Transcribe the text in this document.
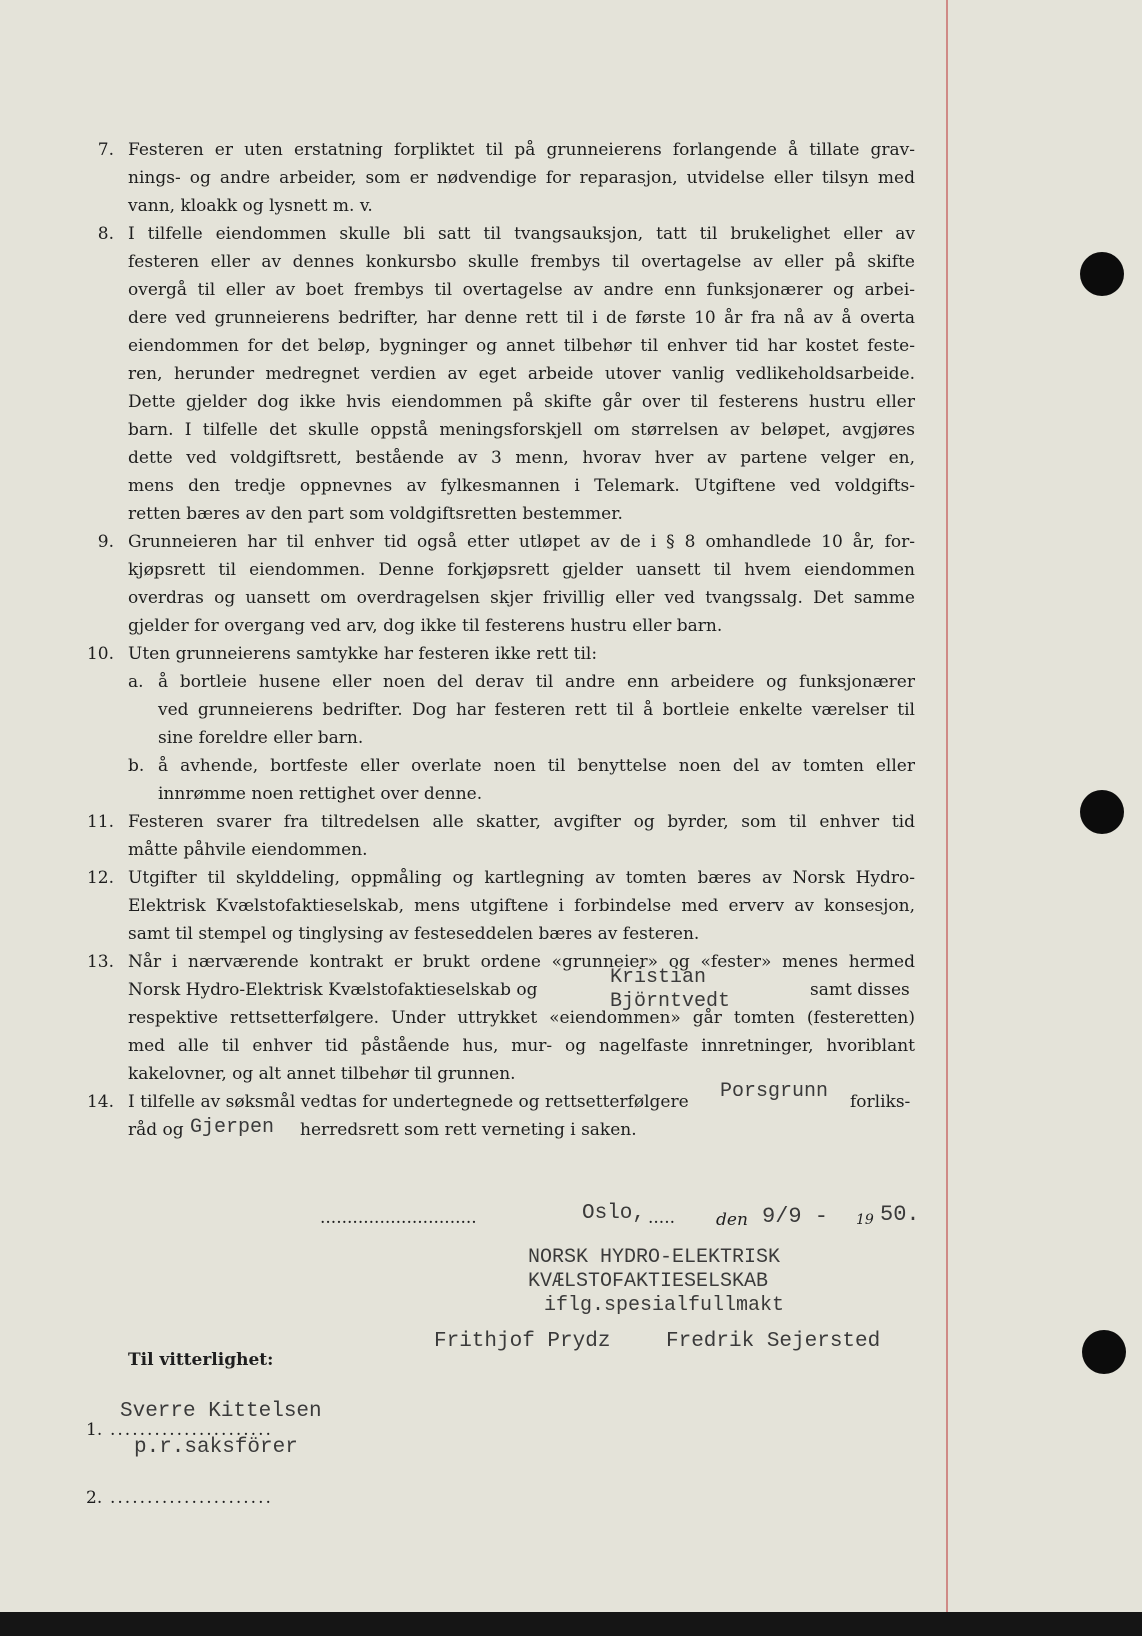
7. Festeren er uten erstatning forpliktet til på grunneierens forlangende å tillate grav-
nings- og andre arbeider, som er nødvendige for reparasjon, utvidelse eller tilsyn med
vann, kloakk og lysnett m. v.
8. I tilfelle eiendommen skulle bli satt til tvangsauksjon, tatt til brukelighet eller av
festeren eller av dennes konkursbo skulle frembys til overtagelse av eller på skifte
overgå til eller av boet frembys til overtagelse av andre enn funksjonærer og arbei-
dere ved grunneierens bedrifter, har denne rett til i de første 10 år fra nå av å overta
eiendommen for det beløp, bygninger og annet tilbehør til enhver tid har kostet feste-
ren, herunder medregnet verdien av eget arbeide utover vanlig vedlikeholdsarbeide.
Dette gjelder dog ikke hvis eiendommen på skifte går over til festerens hustru eller
barn. I tilfelle det skulle oppstå meningsforskjell om størrelsen av beløpet, avgjøres
dette ved voldgiftsrett, bestående av 3 menn, hvorav hver av partene velger en,
mens den tredje oppnevnes av fylkesmannen i Telemark. Utgiftene ved voldgifts-
retten bæres av den part som voldgiftsretten bestemmer.
9. Grunneieren har til enhver tid også etter utløpet av de i § 8 omhandlede 10 år, for-
kjøpsrett til eiendommen. Denne forkjøpsrett gjelder uansett til hvem eiendommen
overdras og uansett om overdragelsen skjer frivillig eller ved tvangssalg. Det samme
gjelder for overgang ved arv, dog ikke til festerens hustru eller barn.
10. Uten grunneierens samtykke har festeren ikke rett til:
a. å bortleie husene eller noen del derav til andre enn arbeidere og funksjonærer
ved grunneierens bedrifter. Dog har festeren rett til å bortleie enkelte værelser til
sine foreldre eller barn.
b. å avhende, bortfeste eller overlate noen til benyttelse noen del av tomten eller
innrømme noen rettighet over denne.
11. Festeren svarer fra tiltredelsen alle skatter, avgifter og byrder, som til enhver tid
måtte påhvile eiendommen.
12. Utgifter til skylddeling, oppmåling og kartlegning av tomten bæres av Norsk Hydro-
Elektrisk Kvælstofaktieselskab, mens utgiftene i forbindelse med erverv av konsesjon,
samt til stempel og tinglysing av festeseddelen bæres av festeren.
13. Når i nærværende kontrakt er brukt ordene «grunneier» og «fester» menes hermed
Norsk Hydro-Elektrisk Kvælstofaktieselskab og
Kristian
Björntvedt	samt disses
respektive rettsetterfølgere. Under uttrykket «eiendommen» går tomten (festeretten)
med alle til enhver tid påstående hus, mur- og nagelfaste innretninger, hvoriblant
kakelovner, og alt annet tilbehør til grunnen.
14. I tilfelle av søksmål vedtas for undertegnede og rettsetterfølgere Porsgrunn forliks-
råd og Gjerpen herredsrett som rett verneting i saken.
.............................	Oslo, ..... den 9/9 - 19 50.
NORSK HYDRO-ELEKTRISK
KVÆLSTOFAKTIESELSKAB
iflg.spesialfullmakt
Frithjof Prydz	Fredrik Sejersted
Til vitterlighet:
1. ......................
Sverre Kittelsen
p.r.saksförer
2. ......................
